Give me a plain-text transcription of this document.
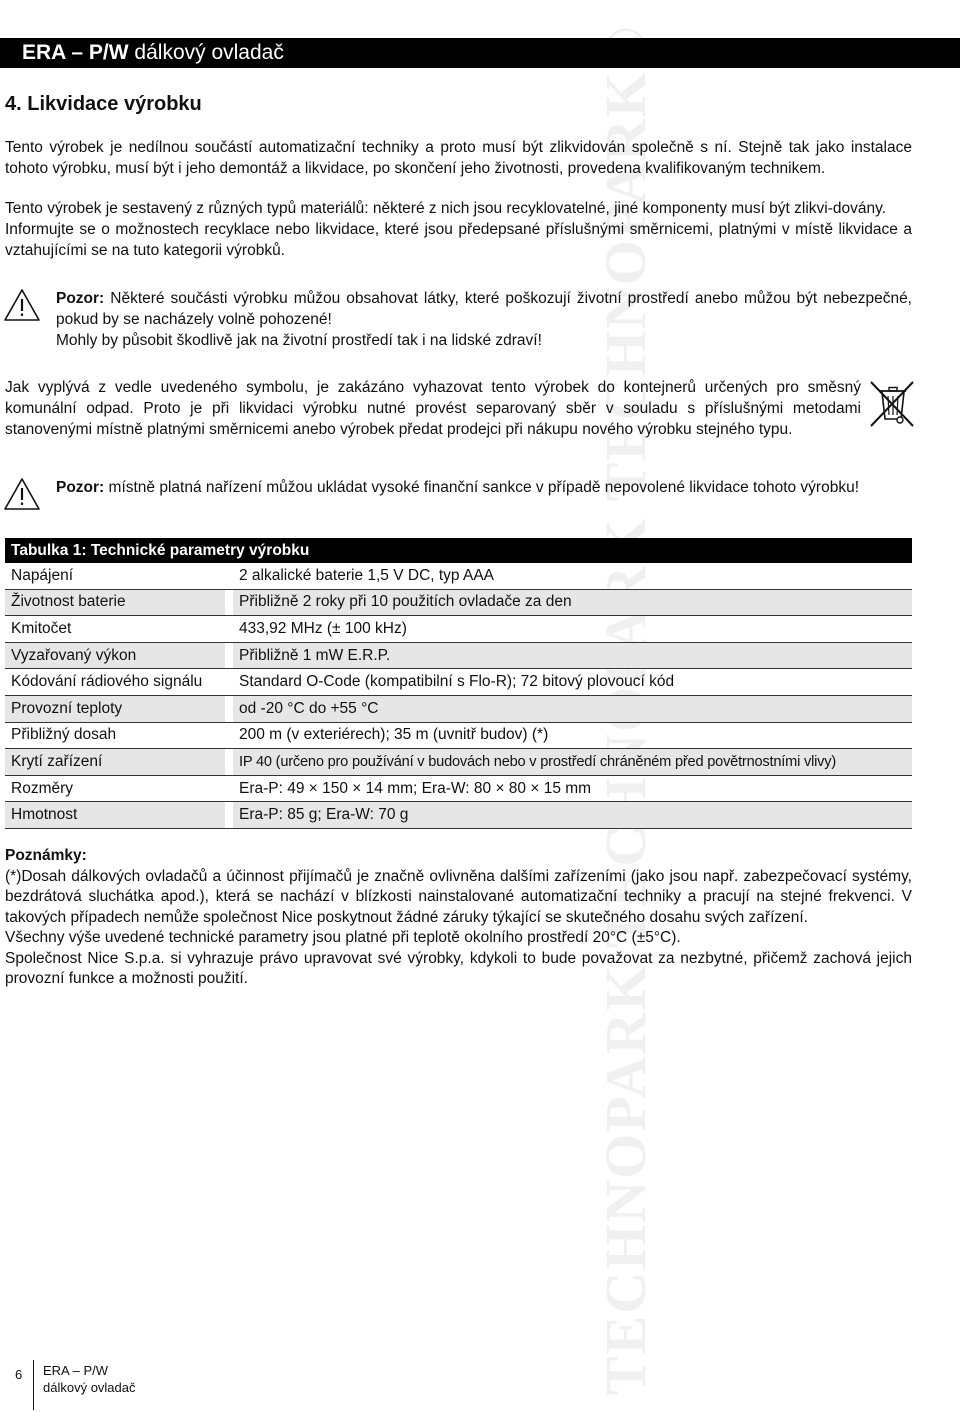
ERA – P/W dálkový ovladač
4. Likvidace výrobku

Tento výrobek je nedílnou součástí automatizační techniky a proto musí být zlikvidován společně s ní. Stejně tak jako instalace tohoto výrobku, musí být i jeho demontáž a likvidace, po skončení jeho životnosti, provedena kvalifikovaným technikem.

Tento výrobek je sestavený z různých typů materiálů: některé z nich jsou recyklovatelné, jiné komponenty musí být zlikvi-dovány.

Informujte se o možnostech recyklace nebo likvidace, které jsou předepsané příslušnými směrnicemi, platnými v místě likvidace a vztahujícími se na tuto kategorii výrobků.

Pozor: Některé součásti výrobku můžou obsahovat látky, které poškozují životní prostředí anebo můžou být nebezpečné, pokud by se nacházely volně pohozené!
Mohly by působit škodlivě jak na životní prostředí tak i na lidské zdraví!
Jak vyplývá z vedle uvedeného symbolu, je zakázáno vyhazovat tento výrobek do kontejnerů určených pro směsný komunální odpad. Proto je při likvidaci výrobku nutné provést separovaný sběr v souladu s příslušnými metodami stanovenými místně platnými směrnicemi anebo výrobek předat prodejci při nákupu nového výrobku stejného typu.
Pozor: místně platná nařízení můžou ukládat vysoké finanční sankce v případě nepovolené likvidace tohoto výrobku!
Tabulka 1: Technické parametry výrobku		
Napájení		2 alkalické baterie 1,5 V DC, typ AAA
Životnost baterie		Přibližně 2 roky při 10 použitích ovladače za den
Kmitočet		433,92 MHz (± 100 kHz)
Vyzařovaný výkon		Přibližně 1 mW E.R.P.
Kódování rádiového signálu		Standard O-Code (kompatibilní s Flo-R); 72 bitový plovoucí kód
Provozní teploty		od -20 °C do +55 °C
Přibližný dosah		200 m (v exteriérech); 35 m (uvnitř budov) (*)
Krytí zařízení		IP 40 (určeno pro používání v budovách nebo v prostředí chráněném před povětrnostními vlivy)
Rozměry		Era-P: 49 × 150 × 14 mm; Era-W: 80 × 80 × 15 mm
Hmotnost		Era-P: 85 g; Era-W: 70 g

Poznámky:

(*)Dosah dálkových ovladačů a účinnost přijímačů je značně ovlivněna dalšími zařízeními (jako jsou např. zabezpečovací systémy, bezdrátová sluchátka apod.), která se nachází v blízkosti nainstalované automatizační techniky a pracují na stejné frekvenci. V takových případech nemůže společnost Nice poskytnout žádné záruky týkající se skutečného dosahu svých zařízení.

Všechny výše uvedené technické parametry jsou platné při teplotě okolního prostředí 20°C (±5°C).

Společnost Nice S.p.a. si vyhrazuje právo upravovat své výrobky, kdykoli to bude považovat za nezbytné, přičemž zachová jejich provozní funkce a možnosti použití.

6 ERA – P/W
dálkový ovladač
